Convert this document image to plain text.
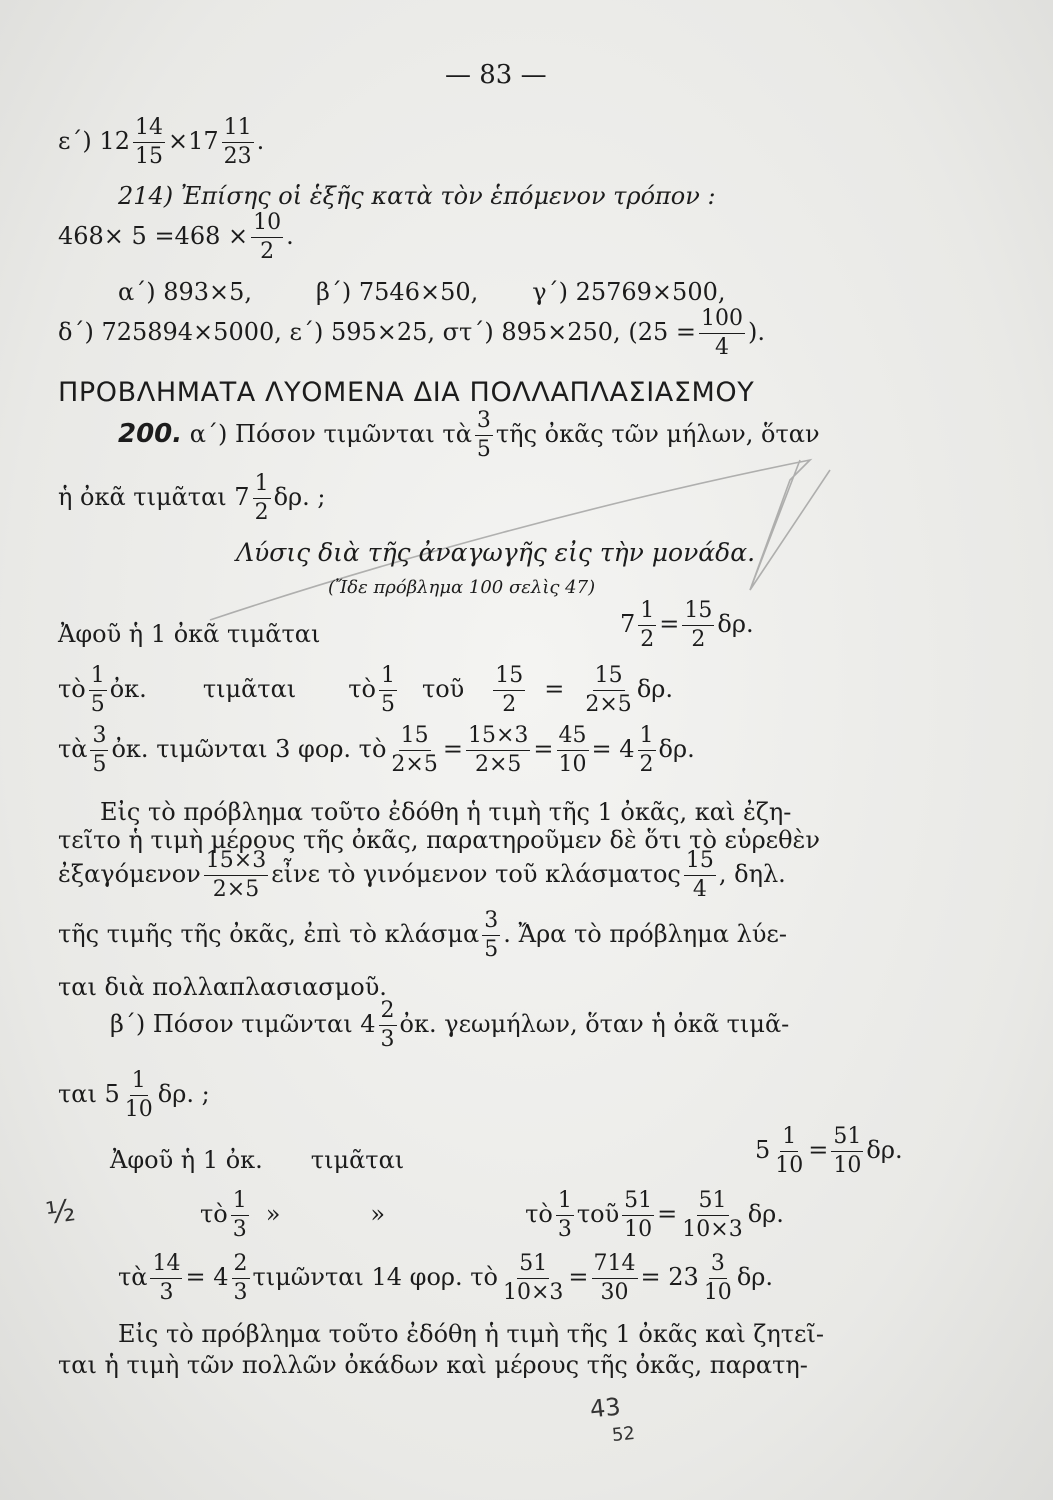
— 83 —
ε΄) $12 \frac{14}{15} \times 17 \frac{11}{23}$ .
214) Ἐπίσης οἱ ἑξῆς κατὰ τὸν ἑπόμενον τρόπον :
$468\times 5 =468 \times \frac{10}{2}$ .
α΄) 893×5,	β΄) 7546×50, γ΄) 25769×500,
δ΄) 725894×5000, ε΄) 595×25, στ΄) 895×250, ($25 = \frac{100}{4}$ ).
ΠΡΟΒΛΗΜΑΤΑ ΛΥΟΜΕΝΑ ΔΙΑ ΠΟΛΛΑΠΛΑΣΙΑΣΜΟΥ
200. α΄) Πόσον τιμῶνται τὰ $\frac{3}{5}$ τῆς ὀκᾶς τῶν μήλων, ὅταν
ἡ ὀκᾶ τιμᾶται $7 \frac{1}{2} \delta\rho$. ;
Λύσις διὰ τῆς ἀναγωγῆς εἰς τὴν μονάδα.
(Ἴδε πρόβλημα 100 σελὶς 47)
Ἀφοῦ ἡ 1 ὀκᾶ τιμᾶται	$7 \frac{1}{2} = \frac{15}{2} \delta\rho$.
τὸ $\frac{1}{5}$ ὀκ. τιμᾶται τὸ $\frac{1}{5}$ τοῦ $\frac{15}{2} = \frac{15}{2\times 5} \delta\rho$.
τὰ $\frac{3}{5}$ ὀκ. τιμῶνται 3 φορ. τὸ $\frac{15}{2\times 5} = \frac{15\times 3}{2\times 5} = \frac{45}{10} = 4 \frac{1}{2} \delta\rho$.
Εἰς τὸ πρόβλημα τοῦτο ἐδόθη ἡ τιμὴ τῆς 1 ὀκᾶς, καὶ ἐζη-
τεῖτο ἡ τιμὴ μέρους τῆς ὀκᾶς, παρατηροῦμεν δὲ ὅτι τὸ εὑρεθὲν
ἐξαγόμενον $\frac{15\times 3}{2\times 5}$ εἶνε τὸ γινόμενον τοῦ κλάσματος $\frac{15}{4}$ , δηλ.
τῆς τιμῆς τῆς ὀκᾶς, ἐπὶ τὸ κλάσμα $\frac{3}{5}$ . Ἄρα τὸ πρόβλημα λύε-
ται διὰ πολλαπλασιασμοῦ.
β΄) Πόσον τιμῶνται $4 \frac{2}{3}$ ὀκ. γεωμήλων, ὅταν ἡ ὀκᾶ τιμᾶ-
ται $5 \frac{1}{10} \delta\rho$. ;
Ἀφοῦ ἡ 1 ὀκ. τιμᾶται	$5 \frac{1}{10} = \frac{51}{10} \delta\rho$.
½	τὸ $\frac{1}{3}$ »	»	τὸ $\frac{1}{3}$ τοῦ $\frac{51}{10} = \frac{51}{10\times 3} \delta\rho$.
τὰ $\frac{14}{3} = 4 \frac{2}{3}$ τιμῶνται 14 φορ. τὸ $\frac{51}{10\times 3} = \frac{714}{30} = 23 \frac{3}{10} \delta\rho$.
Εἰς τὸ πρόβλημα τοῦτο ἐδόθη ἡ τιμὴ τῆς 1 ὀκᾶς καὶ ζητεῖ-
ται ἡ τιμὴ τῶν πολλῶν ὀκάδων καὶ μέρους τῆς ὀκᾶς, παρατη-
43
52
